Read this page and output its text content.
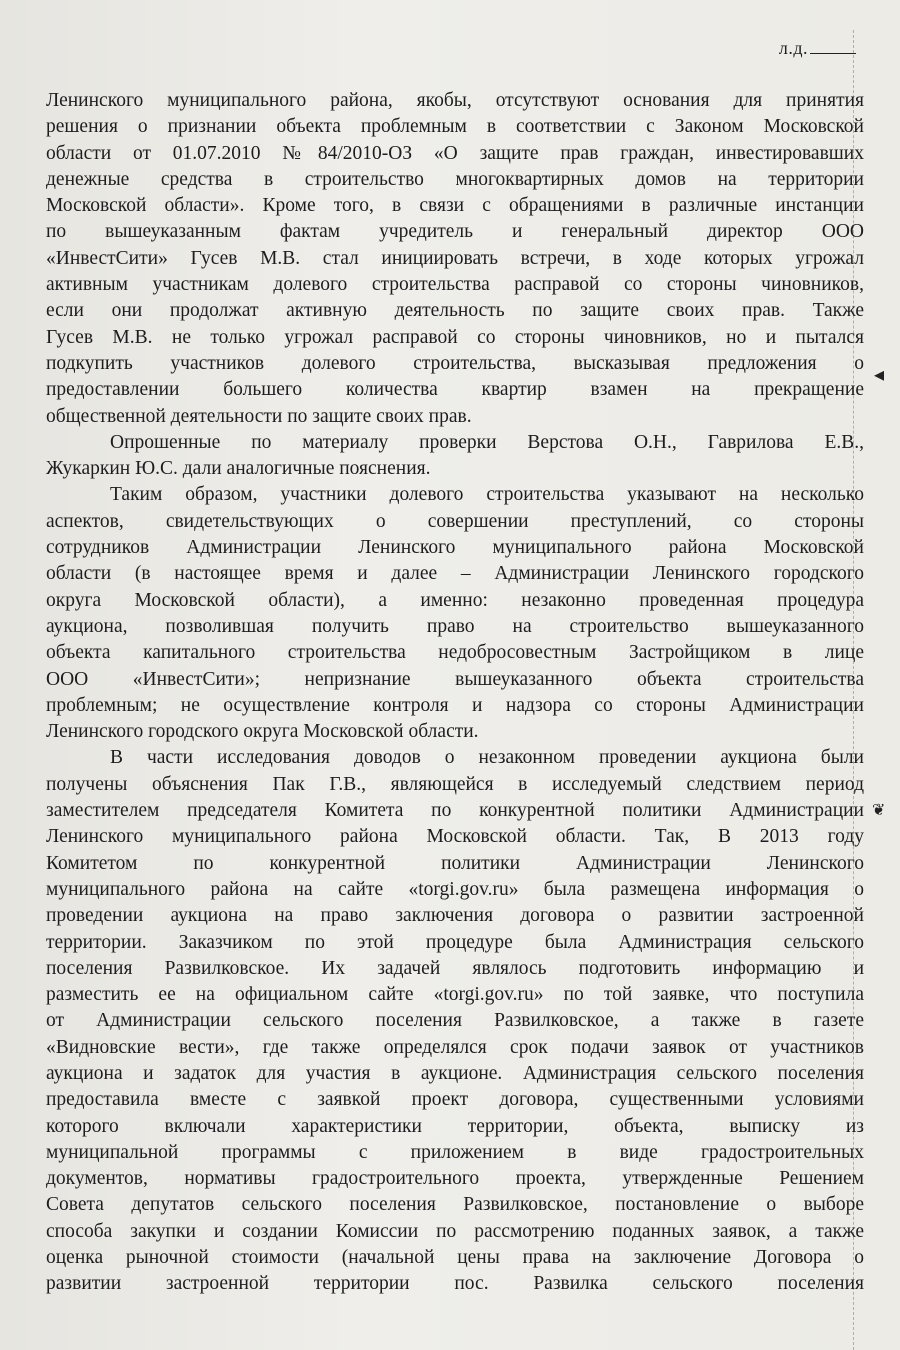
л.д.
Ленинского муниципального района, якобы, отсутствуют основания для принятия
решения о признании объекта проблемным в соответствии с Законом Московской
области от 01.07.2010 №84/2010-ОЗ «О защите прав граждан, инвестировавших
денежные средства в строительство многоквартирных домов на территории
Московской области». Кроме того, в связи с обращениями в различные инстанции
по вышеуказанным фактам учредитель и генеральный директор ООО
«ИнвестСити» Гусев М.В. стал инициировать встречи, в ходе которых угрожал
активным участникам долевого строительства расправой со стороны чиновников,
если они продолжат активную деятельность по защите своих прав. Также
Гусев М.В. не только угрожал расправой со стороны чиновников, но и пытался
подкупить участников долевого строительства, высказывая предложения о
предоставлении большего количества квартир взамен на прекращение
общественной деятельности по защите своих прав.
Опрошенные по материалу проверки Верстова О.Н., Гаврилова Е.В.,
Жукаркин Ю.С. дали аналогичные пояснения.
Таким образом, участники долевого строительства указывают на несколько
аспектов, свидетельствующих о совершении преступлений, со стороны
сотрудников Администрации Ленинского муниципального района Московской
области (в настоящее время и далее – Администрации Ленинского городского
округа Московской области), а именно: незаконно проведенная процедура
аукциона, позволившая получить право на строительство вышеуказанного
объекта капитального строительства недобросовестным Застройщиком в лице
ООО «ИнвестСити»; непризнание вышеуказанного объекта строительства
проблемным; не осуществление контроля и надзора со стороны Администрации
Ленинского городского округа Московской области.
В части исследования доводов о незаконном проведении аукциона были
получены объяснения Пак Г.В., являющейся в исследуемый следствием период
заместителем председателя Комитета по конкурентной политики Администрации
Ленинского муниципального района Московской области. Так, В 2013 году
Комитетом по конкурентной политики Администрации Ленинского
муниципального района на сайте «torgi.gov.ru» была размещена информация о
проведении аукциона на право заключения договора о развитии застроенной
территории. Заказчиком по этой процедуре была Администрация сельского
поселения Развилковское. Их задачей являлось подготовить информацию и
разместить ее на официальном сайте «torgi.gov.ru» по той заявке, что поступила
от Администрации сельского поселения Развилковское, а также в газете
«Видновские вести», где также определялся срок подачи заявок от участников
аукциона и задаток для участия в аукционе. Администрация сельского поселения
предоставила вместе с заявкой проект договора, существенными условиями
которого включали характеристики территории, объекта, выписку из
муниципальной программы с приложением в виде градостроительных
документов, нормативы градостроительного проекта, утвержденные Решением
Совета депутатов сельского поселения Развилковское, постановление о выборе
способа закупки и создании Комиссии по рассмотрению поданных заявок, а также
оценка рыночной стоимости (начальной цены права на заключение Договора о
развитии застроенной территории пос. Развилка сельского поселения
◂
❦
